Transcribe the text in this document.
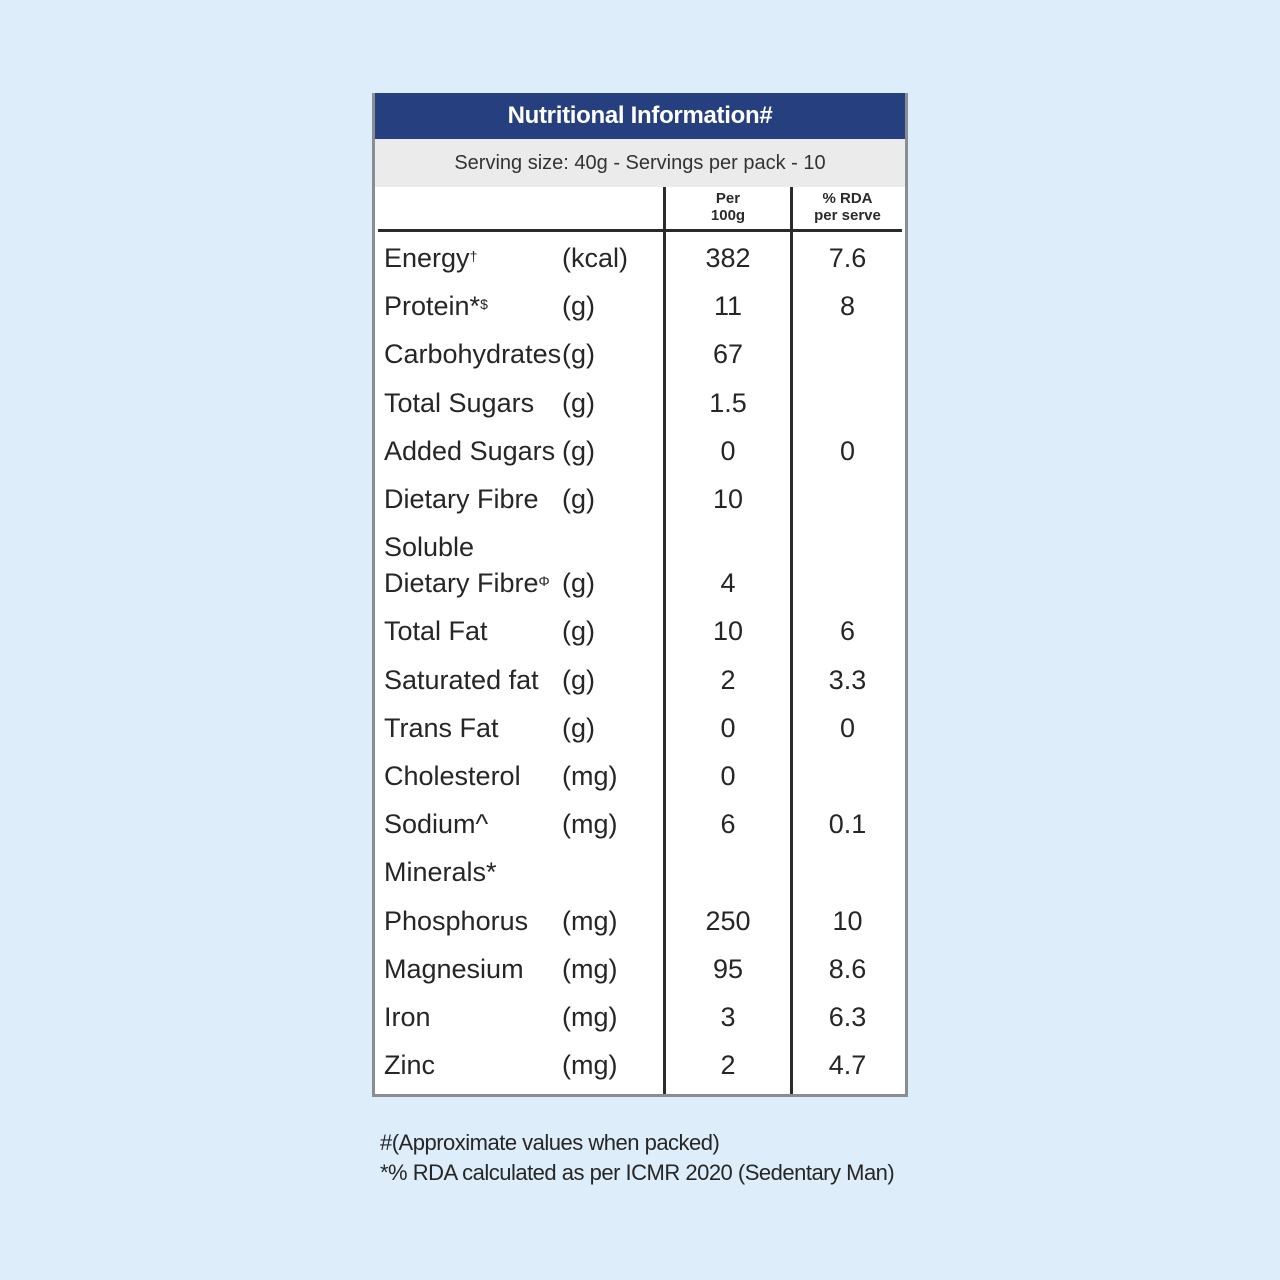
Nutritional Information#
Serving size: 40g - Servings per pack - 10
Per
100g
% RDA
per serve
Energy†	(kcal)	382	7.6
Protein*$	(g)	11	8
Carbohydrates (g)	67
Total Sugars (g)	1.5
Added Sugars (g)	0	0
Dietary Fibre (g)	10
Soluble
Dietary Fibre$^\Phi$ (g)	4
Total Fat	(g)	10	6
Saturated fat (g)	2	3.3
Trans Fat (g)	0	0
Cholesterol (mg)	0
Sodium^	(mg)	6	0.1
Minerals*
Phosphorus (mg)	250	10
Magnesium (mg)	95	8.6
Iron	(mg)	3	6.3
Zinc	(mg)	2	4.7
#(Approximate values when packed)
*% RDA calculated as per ICMR 2020 (Sedentary Man)
